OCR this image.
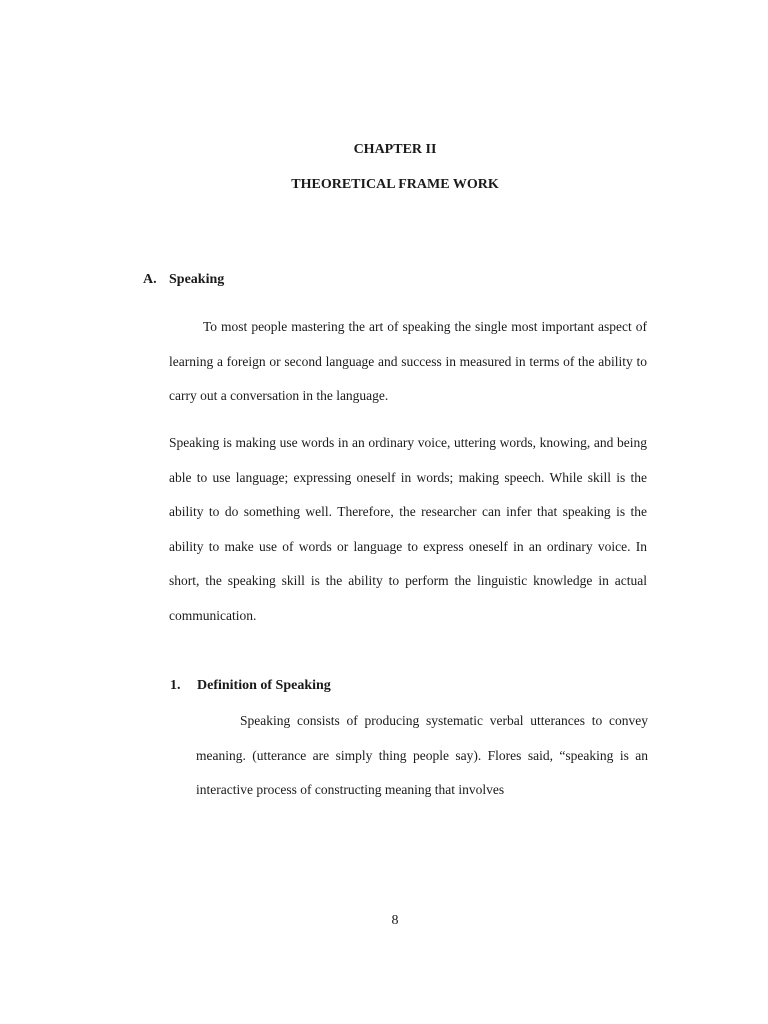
CHAPTER II
THEORETICAL FRAME WORK
A. Speaking

To most people mastering the art of speaking the single most important aspect of learning a foreign or second language and success in measured in terms of the ability to carry out a conversation in the language.

Speaking is making use words in an ordinary voice, uttering words, knowing, and being able to use language; expressing oneself in words; making speech. While skill is the ability to do something well. Therefore, the researcher can infer that speaking is the ability to make use of words or language to express oneself in an ordinary voice. In short, the speaking skill is the ability to perform the linguistic knowledge in actual communication.

1. Definition of Speaking

Speaking consists of producing systematic verbal utterances to convey meaning. (utterance are simply thing people say). Flores said, “speaking is an interactive process of constructing meaning that involves

8
